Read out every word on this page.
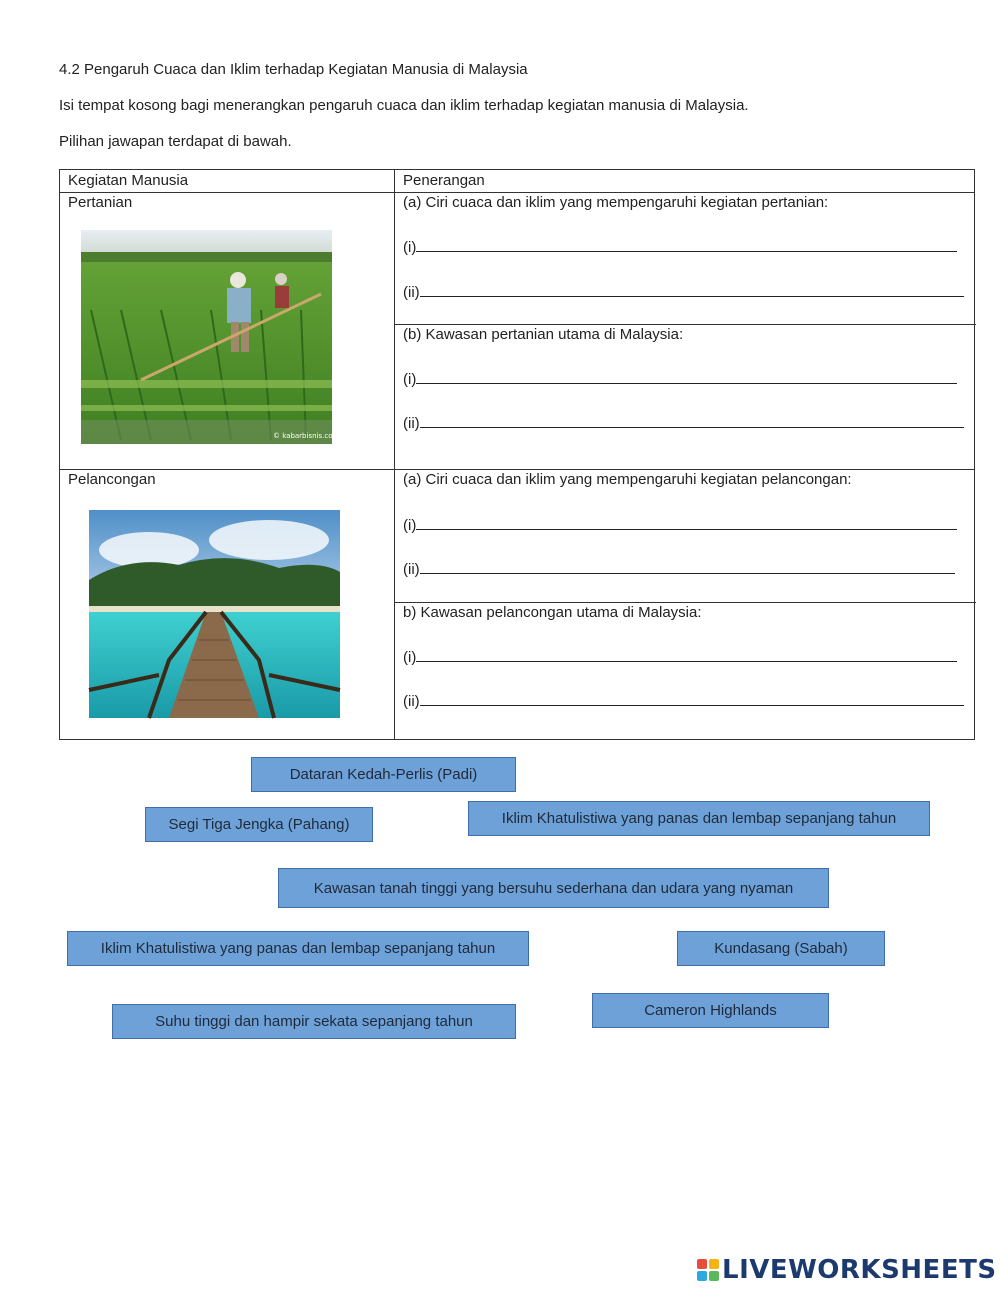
4.2 Pengaruh Cuaca dan Iklim terhadap Kegiatan Manusia di Malaysia
Isi tempat kosong bagi menerangkan pengaruh cuaca dan iklim terhadap kegiatan manusia di Malaysia.
Pilihan jawapan terdapat di bawah.
Kegiatan Manusia	Penerangan
Pertanian
© kabarbisnis.com
(a) Ciri cuaca dan iklim yang mempengaruhi kegiatan pertanian:
(i)
(ii)
(b) Kawasan pertanian utama di Malaysia:
(i)
(ii)
Pelancongan	(a) Ciri cuaca dan iklim yang mempengaruhi kegiatan pelancongan:
(i)
(ii)
b) Kawasan pelancongan utama di Malaysia:
(i)
(ii)
Dataran Kedah-Perlis (Padi)
Segi Tiga Jengka (Pahang)	Iklim Khatulistiwa yang panas dan lembap sepanjang tahun
Kawasan tanah tinggi yang bersuhu sederhana dan udara yang nyaman
Iklim Khatulistiwa yang panas dan lembap sepanjang tahun	Kundasang (Sabah)
Suhu tinggi dan hampir sekata sepanjang tahun
Cameron Highlands
LIVEWORKSHEETS
